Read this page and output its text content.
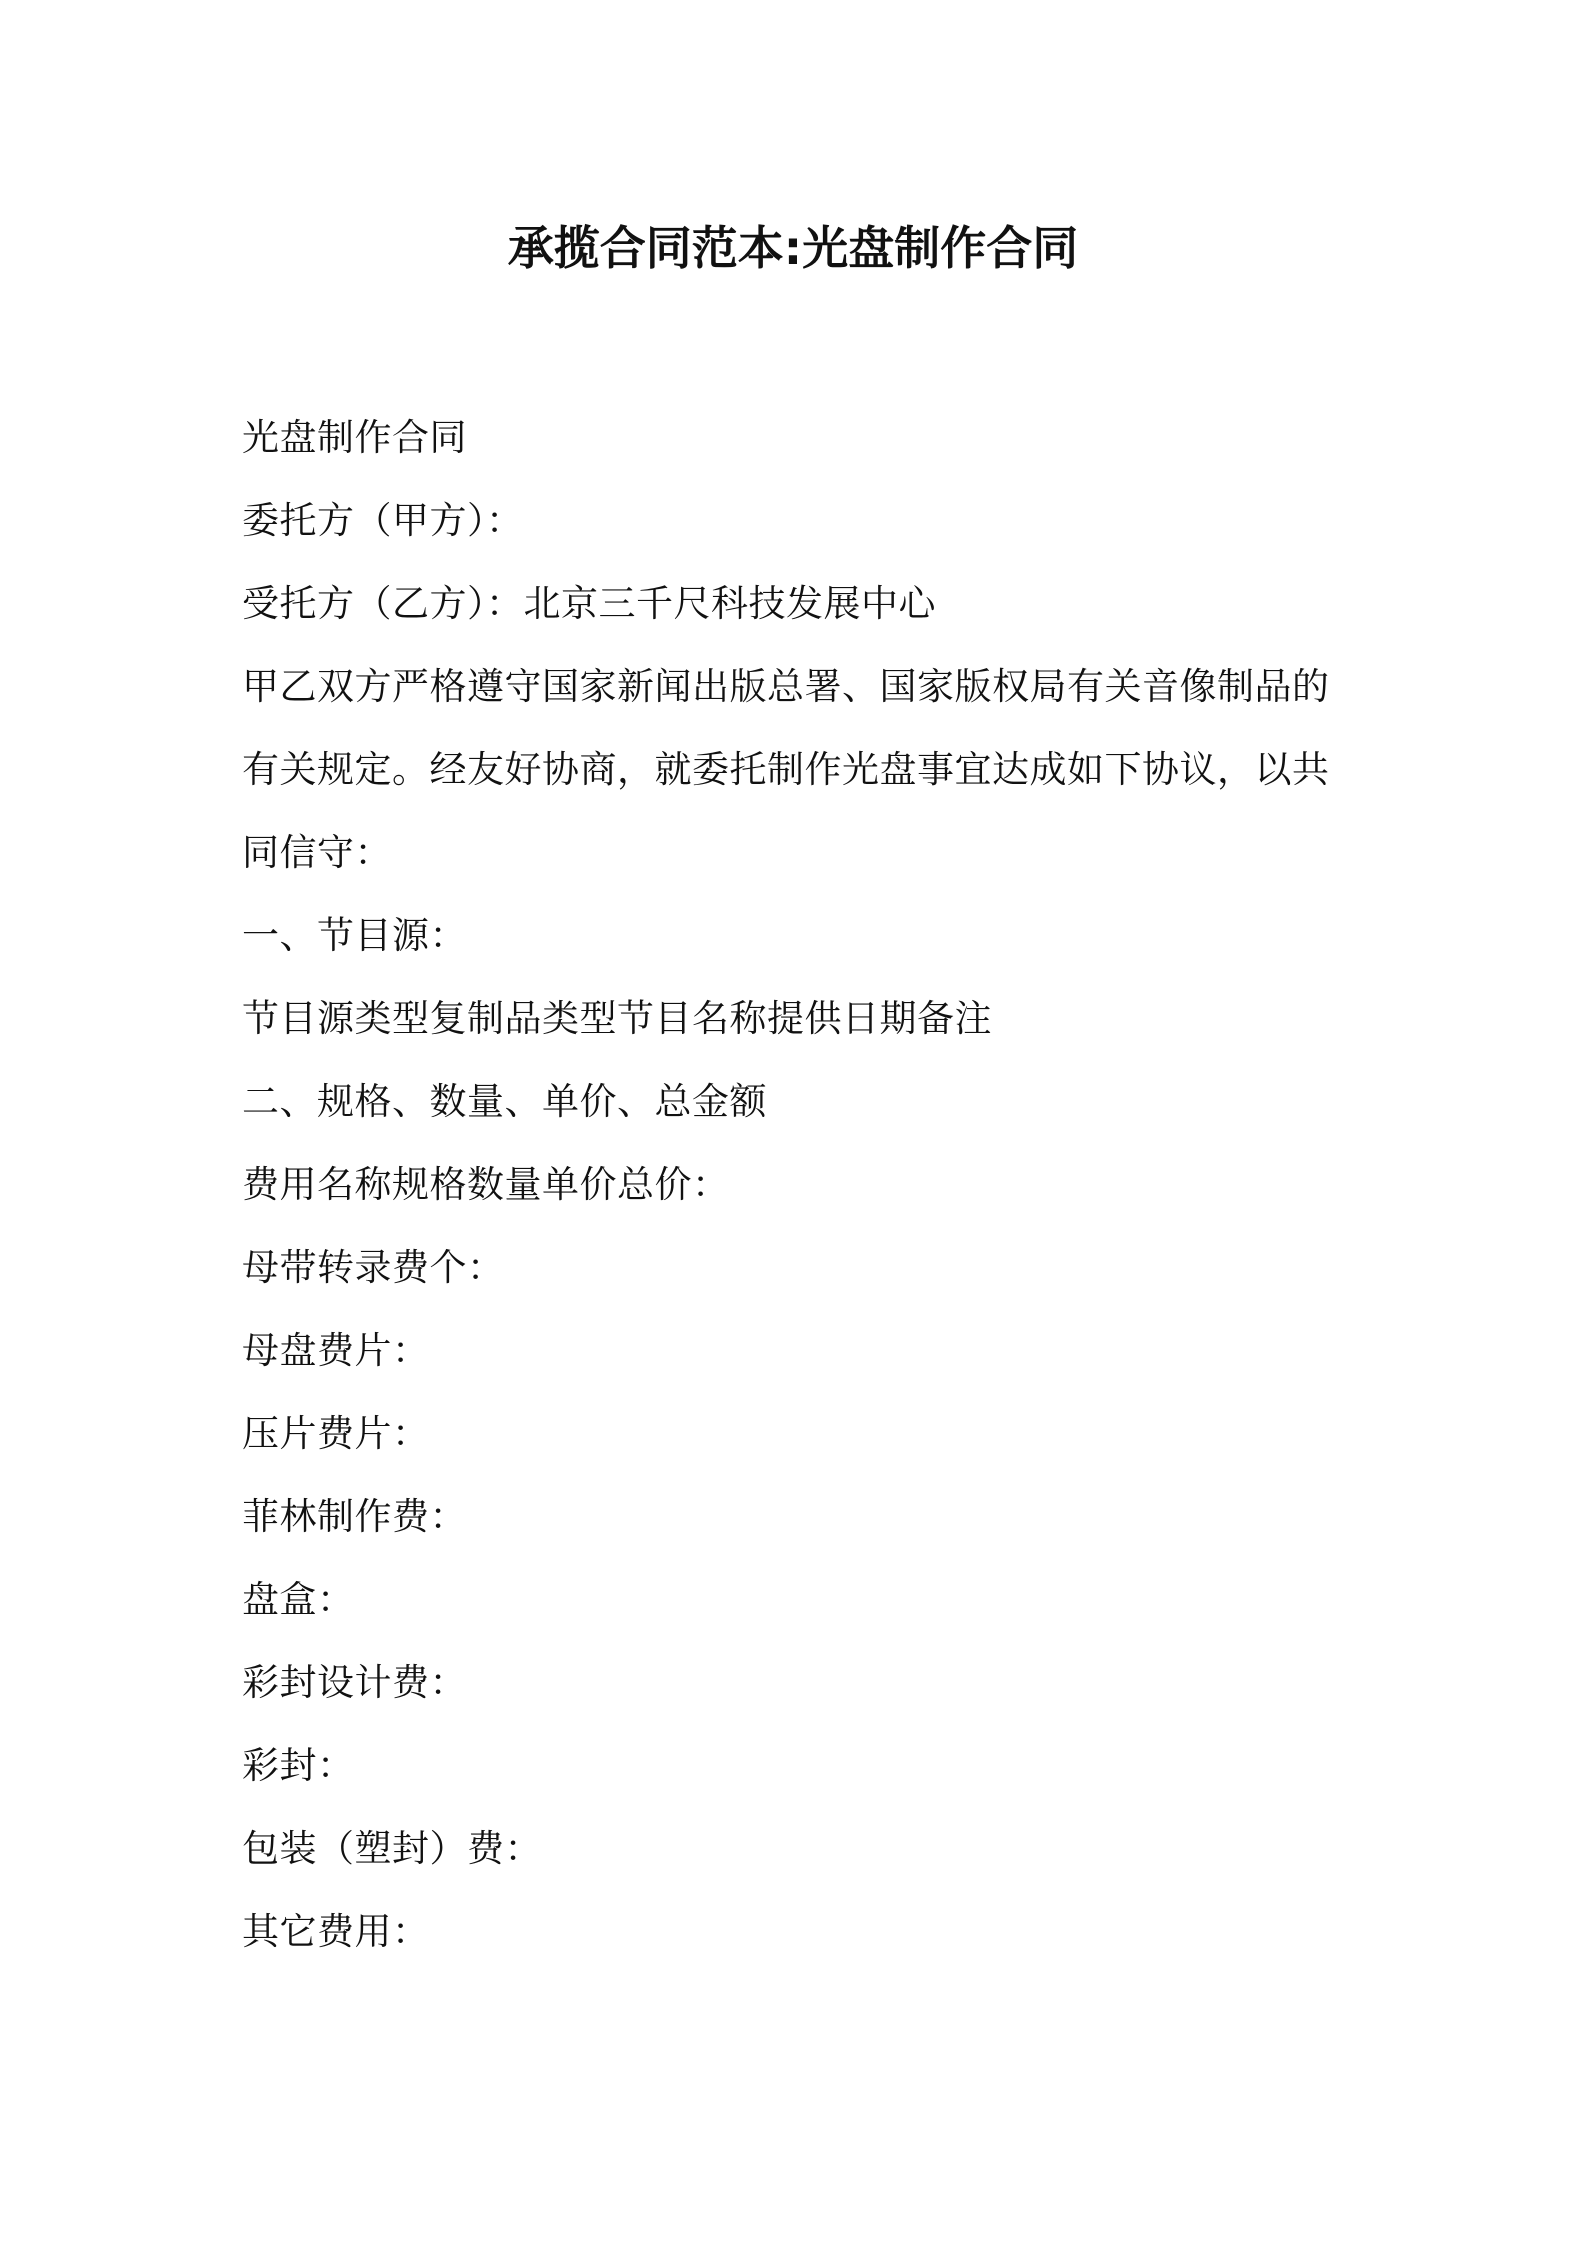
承揽合同范本:光盘制作合同
光盘制作合同
委托方（甲方）：
受托方（乙方）：北京三千尺科技发展中心
甲乙双方严格遵守国家新闻出版总署、国家版权局有关音像制品的有关规定。经友好协商，就委托制作光盘事宜达成如下协议，以共同信守：
一、节目源：
节目源类型复制品类型节目名称提供日期备注
二、规格、数量、单价、总金额
费用名称规格数量单价总价：
母带转录费个：
母盘费片：
压片费片：
菲林制作费：
盘盒：
彩封设计费：
彩封：
包装（塑封）费：
其它费用：
